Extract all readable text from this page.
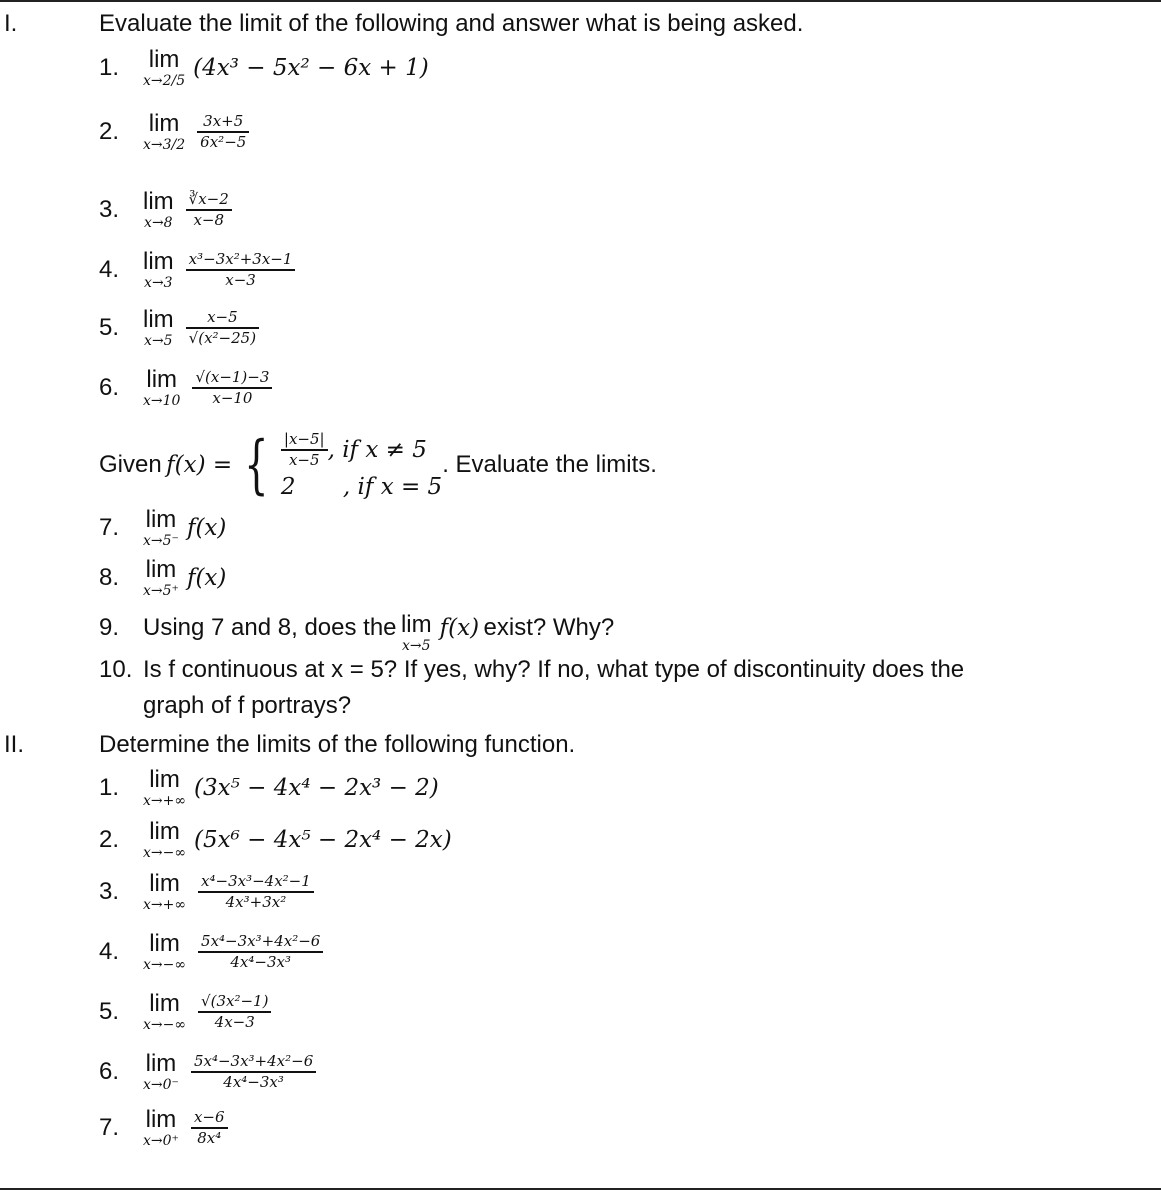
I.	Evaluate the limit of the following and answer what is being asked.
1.	lim
x→2/5 (4x³ − 5x² − 6x + 1)
2.	lim
$x\to 3/2 \frac{3x+5}{\text{6x²−5}}$
3. lim
$x\to 8 \frac{∛x-2}{x-8}$
4. lim
$x\to 3 \frac{\text{x³−3x²+3x−1}}{x-3}$
5. lim
$x\to 5 \frac{x-5}{\text{√(x²−25)}}$
6.	lim
$x\to 10 \frac{√(x-1)-3}{x-10}$
Given
f(x) = { $\frac{|x-5|}{x-5}$ , if x ≠ 5
2	, if x = 5
. Evaluate the limits.
7.	lim
x→5⁻ f(x)
8.	lim
x→5⁺ f(x)
9. Using 7 and 8, does the
lim
x→5
f(x)
exist? Why?
10. Is f continuous at x = 5? If yes, why? If no, what type of discontinuity does the
graph of f portrays?
II.	Determine the limits of the following function.
1.	lim
x→+∞ (3x⁵ − 4x⁴ − 2x³ − 2)
2.	lim
x→−∞ (5x⁶ − 4x⁵ − 2x⁴ − 2x)
3.	lim
$x\to+\infty \frac{\text{x⁴−3x³−4x²−1}}{\text{4x³+3x²}}$
4.	lim
$x\to-\infty \frac{\text{5x⁴−3x³+4x²−6}}{\text{4x⁴−3x³}}$
5.	lim
$x\to-\infty \frac{\text{√(3x²−1)}}{4x-3}$
6.	lim
$x\to 0^- \frac{\text{5x⁴−3x³+4x²−6}}{\text{4x⁴−3x³}}$
7.	lim
$x\to 0^+ \frac{x-6}{\text{8x⁴}}$
